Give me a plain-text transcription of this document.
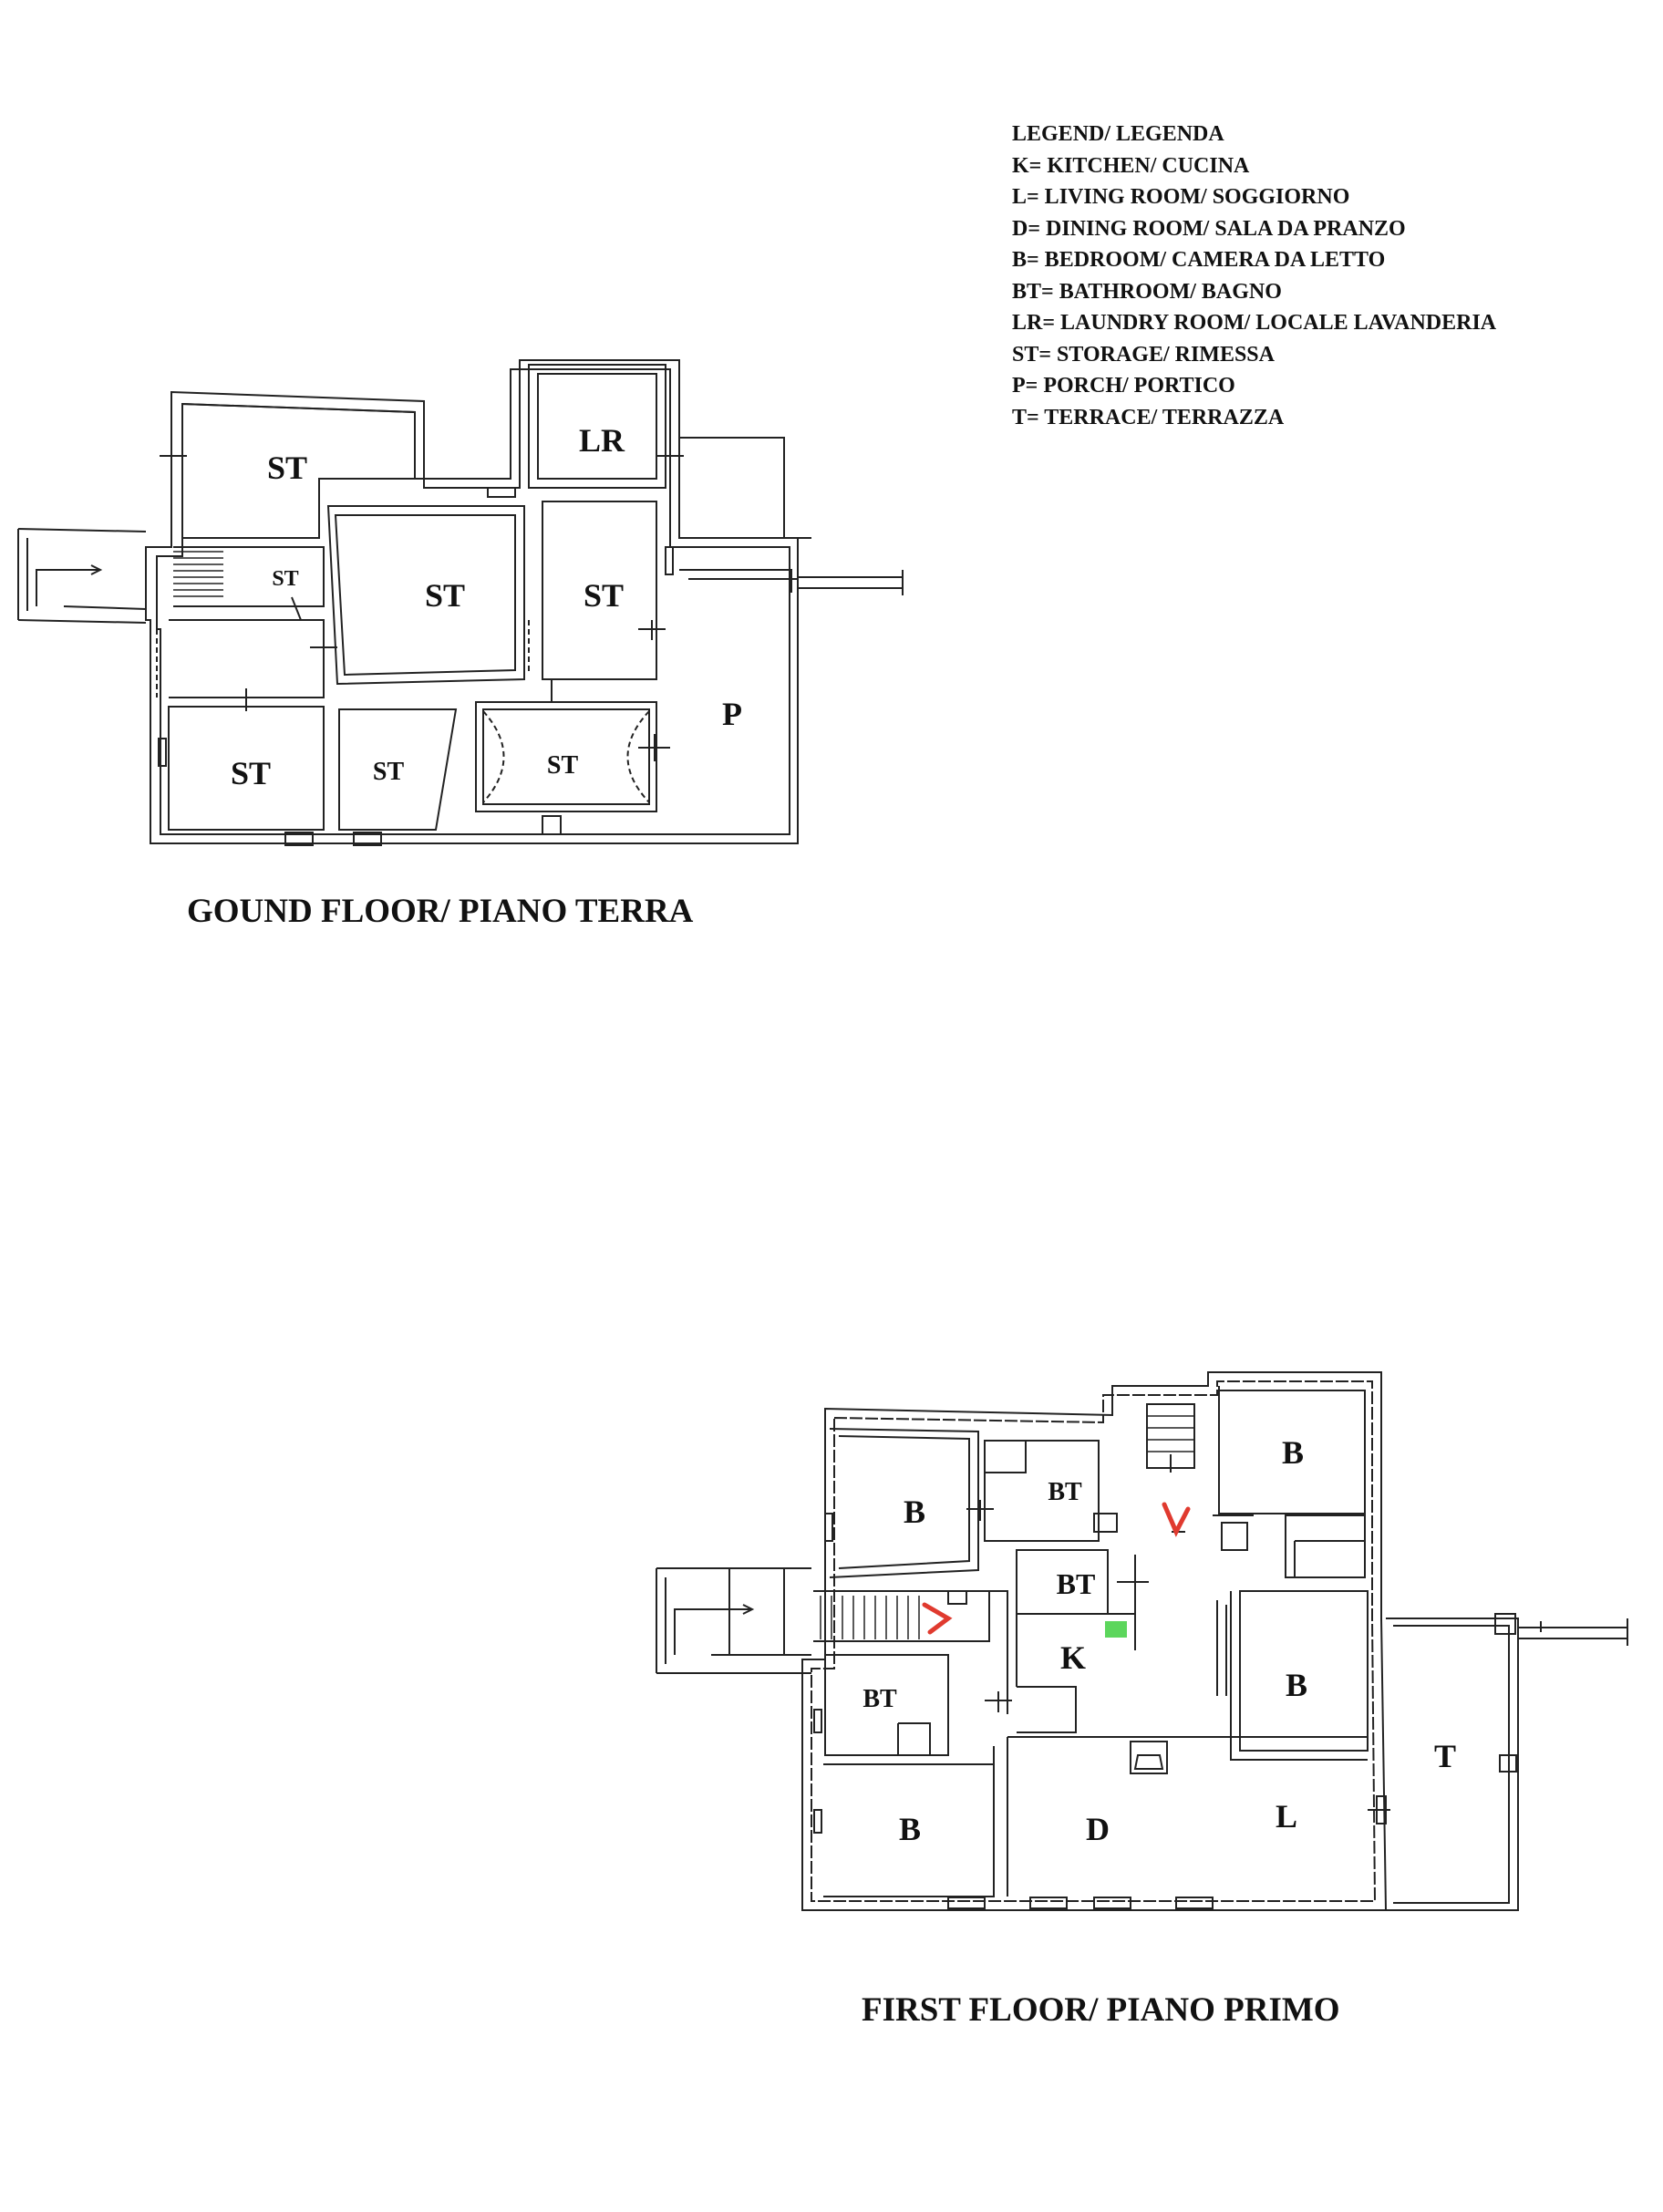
LEGEND/ LEGENDA
K= KITCHEN/ CUCINA
L= LIVING ROOM/ SOGGIORNO
D= DINING ROOM/ SALA DA PRANZO
B= BEDROOM/ CAMERA DA LETTO
BT= BATHROOM/ BAGNO
LR= LAUNDRY ROOM/ LOCALE LAVANDERIA
ST= STORAGE/ RIMESSA
P= PORCH/ PORTICO
T= TERRACE/ TERRAZZA
ST
LR
ST	ST	ST
ST	ST	ST
P
GOUND FLOOR/ PIANO TERRA
B
BT
B
BT
K
B
BT
T
B	D	L
FIRST FLOOR/ PIANO PRIMO
